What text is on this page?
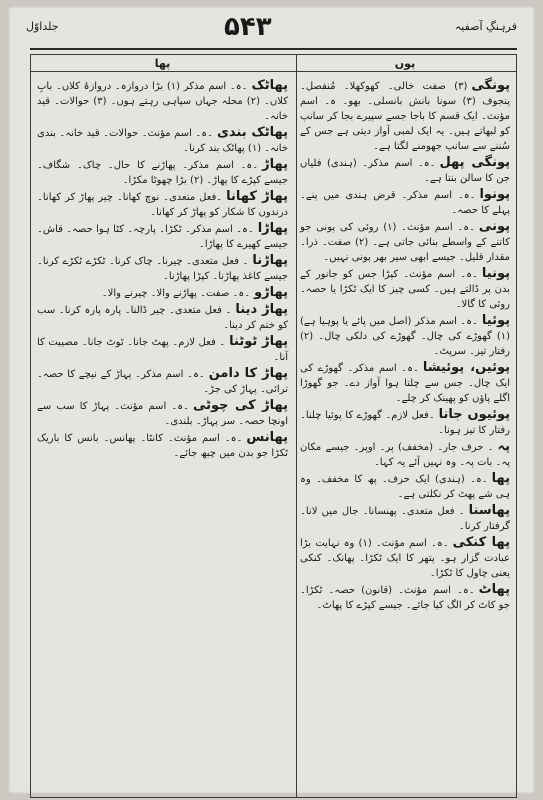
جلداوّل	۵۴۳	فرہنگِ آصفیہ
پوں
پونگی(۳) صفت خالی۔ کھوکھلا۔ مُنفصل۔ پنجوف (۳) سونا بانش بانسلی۔ بھو۔ ہ۔ اسم مؤنث۔ ایک قسم کا باجا جسے سپیرے بجا کر سانپ کو لبھاتے ہیں۔ یہ ایک لمبی آواز دیتی ہے جس کے سُننے سے سانپ جھومنے لگتا ہے۔
پونگی پھل۔ہ۔ اسم مذکر۔ (ہندی) فلیاں جن کا سالن بنتا ہے۔
پونوا۔ہ۔ اسم مذکر۔ قرض ہندی میں پنے۔ پہلے کا حصہ۔
پونی۔ہ۔ اسم مؤنث۔ (۱) روئی کی پونی جو کاتنے کے واسطے بنائی جاتی ہے۔ (۲) صفت۔ ذرا۔ مقدار قلیل۔ جیسے ابھی سیر بھر پونی نہیں۔
پونیا۔ہ۔ اسم مؤنث۔ کپڑا جس کو جانور کے بدن پر ڈالتے ہیں۔ کسی چیز کا ایک ٹکڑا یا حصہ۔ روئی کا گالا۔
پوئیا۔ہ۔ اسم مذکر (اصل میں پائے یا پوہیا ہے) (۱) گھوڑے کی چال۔ گھوڑے کی دلکی چال۔ (۲) رفتار تیز۔ سرپٹ۔
پوئیں، پوئیشا۔ہ۔ اسم مذکر۔ گھوڑے کی ایک چال۔ جس سے چلتا ہوا آواز دے۔ جو گھوڑا اگلے پاؤں کو پھینک کر چلے۔
پوئیوں جانا۔فعل لازم۔ گھوڑے کا پوئیا چلنا۔ رفتار کا تیز ہونا۔
پہ۔ حرف جار۔ (مخفف) پر۔ اوپر۔ جیسے مکان پہ۔ بات پہ۔ وہ نہیں آئے یہ کہا۔
پھا۔ہ۔ (ہندی) ایک حرف۔ پھ کا مخفف۔ وہ ہی شے پھٹ کر نکلتی ہے۔
پھاسنا۔ فعل متعدی۔ پھنسانا۔ جال میں لانا۔ گرفتار کرنا۔
پھا کنکی۔ہ۔ اسم مؤنث۔ (۱) وہ نہایت بڑا عبادت گزار ہو۔ پتھر کا ایک ٹکڑا۔ پھانک۔ کنکی یعنی چاول کا ٹکڑا۔
پھاٹ۔ہ۔ اسم مؤنث۔ (قانون) حصہ۔ ٹکڑا۔ جو کاٹ کر الگ کیا جائے۔ جیسے کپڑے کا پھاٹ۔
پھا
پھاٹک۔ہ۔ اسم مذکر (۱) بڑا دروازہ۔ دروازۂ کلاں۔ بابِ کلاں۔ (۲) محلہ جہاں سپاہی رہتے ہوں۔ (۳) حوالات۔ قید خانہ۔
پھاٹک بندی۔ہ۔ اسم مؤنث۔ حوالات۔ قید خانہ۔ بندی خانہ۔ (۱) پھاٹک بند کرنا۔
پھاڑ۔ہ۔ اسم مذکر۔ پھاڑنے کا حال۔ چاک۔ شگاف۔ جیسے کپڑے کا پھاڑ۔ (۲) بڑا چھوٹا مکڑا۔
پھاڑ کھانا۔فعل متعدی۔ نوچ کھانا۔ چیر پھاڑ کر کھانا۔ درندوں کا شکار کو پھاڑ کر کھانا۔
پھاڑا۔ہ۔ اسم مذکر۔ ٹکڑا۔ پارچہ۔ کٹا ہوا حصہ۔ قاش۔ جیسے کھیرے کا پھاڑا۔
پھاڑنا۔ فعل متعدی۔ چیرنا۔ چاک کرنا۔ ٹکڑے ٹکڑے کرنا۔ جیسے کاغذ پھاڑنا۔ کپڑا پھاڑنا۔
پھاڑو۔ہ۔ صفت۔ پھاڑنے والا۔ چیرنے والا۔
پھاڑ دینا۔ فعل متعدی۔ چیر ڈالنا۔ پارہ پارہ کرنا۔ سب کو ختم کر دینا۔
پھاڑ ٹوٹنا۔ فعل لازم۔ پھٹ جانا۔ ٹوٹ جانا۔ مصیبت کا آنا۔
پھاڑ کا دامن۔ہ۔ اسم مذکر۔ پہاڑ کے نیچے کا حصہ۔ ترائی۔ پہاڑ کی جڑ۔
پھاڑ کی چوٹی۔ہ۔ اسم مؤنث۔ پہاڑ کا سب سے اونچا حصہ۔ سر پہاڑ۔ بلندی۔
پھانس۔ہ۔ اسم مؤنث۔ کانٹا۔ پھانس۔ بانس کا باریک ٹکڑا جو بدن میں چبھ جائے۔
